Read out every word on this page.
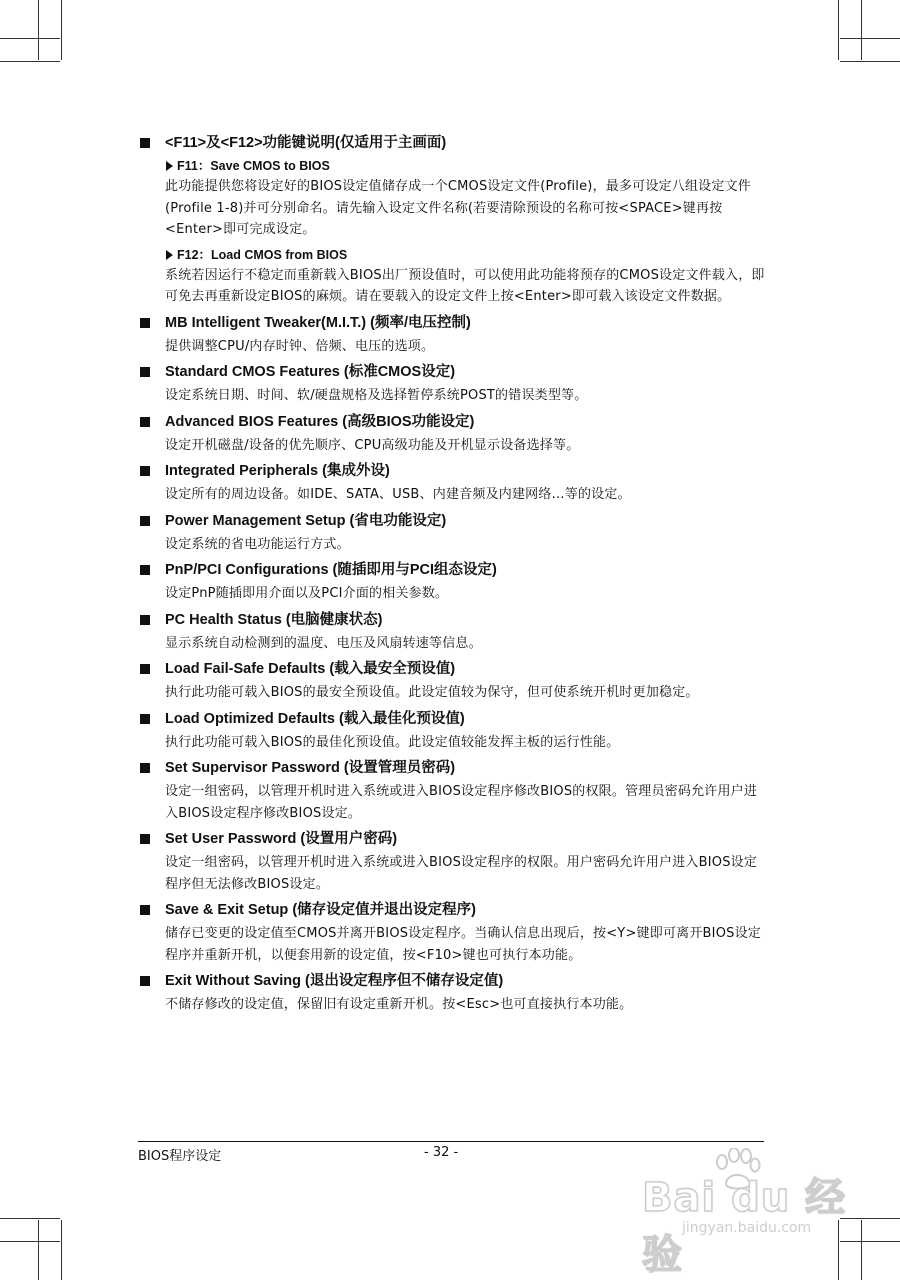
<F11>及<F12>功能键说明(仅适用于主画面)
F11：Save CMOS to BIOS
此功能提供您将设定好的BIOS设定值储存成一个CMOS设定文件(Profile)，最多可设定八组设定文件(Profile 1-8)并可分别命名。请先输入设定文件名称(若要清除预设的名称可按<SPACE>键再按<Enter>即可完成设定。
F12：Load CMOS from BIOS
系统若因运行不稳定而重新载入BIOS出厂预设值时，可以使用此功能将预存的CMOS设定文件载入，即可免去再重新设定BIOS的麻烦。请在要载入的设定文件上按<Enter>即可载入该设定文件数据。
MB Intelligent Tweaker(M.I.T.) (频率/电压控制)
提供调整CPU/内存时钟、倍频、电压的选项。
Standard CMOS Features (标准CMOS设定)
设定系统日期、时间、软/硬盘规格及选择暂停系统POST的错误类型等。
Advanced BIOS Features (高级BIOS功能设定)
设定开机磁盘/设备的优先顺序、CPU高级功能及开机显示设备选择等。
Integrated Peripherals (集成外设)
设定所有的周边设备。如IDE、SATA、USB、内建音频及内建网络…等的设定。
Power Management Setup (省电功能设定)
设定系统的省电功能运行方式。
PnP/PCI Configurations (随插即用与PCI组态设定)
设定PnP随插即用介面以及PCI介面的相关参数。
PC Health Status (电脑健康状态)
显示系统自动检测到的温度、电压及风扇转速等信息。
Load Fail-Safe Defaults (载入最安全预设值)
执行此功能可载入BIOS的最安全预设值。此设定值较为保守，但可使系统开机时更加稳定。
Load Optimized Defaults (载入最佳化预设值)
执行此功能可载入BIOS的最佳化预设值。此设定值较能发挥主板的运行性能。
Set Supervisor Password (设置管理员密码)
设定一组密码，以管理开机时进入系统或进入BIOS设定程序修改BIOS的权限。管理员密码允许用户进入BIOS设定程序修改BIOS设定。
Set User Password (设置用户密码)
设定一组密码，以管理开机时进入系统或进入BIOS设定程序的权限。用户密码允许用户进入BIOS设定程序但无法修改BIOS设定。
Save & Exit Setup (储存设定值并退出设定程序)
储存已变更的设定值至CMOS并离开BIOS设定程序。当确认信息出现后，按<Y>键即可离开BIOS设定程序并重新开机，以便套用新的设定值，按<F10>键也可执行本功能。
Exit Without Saving (退出设定程序但不储存设定值)
不储存修改的设定值，保留旧有设定重新开机。按<Esc>也可直接执行本功能。
BIOS程序设定	- 32 -
Bai du 经验
jingyan.baidu.com
